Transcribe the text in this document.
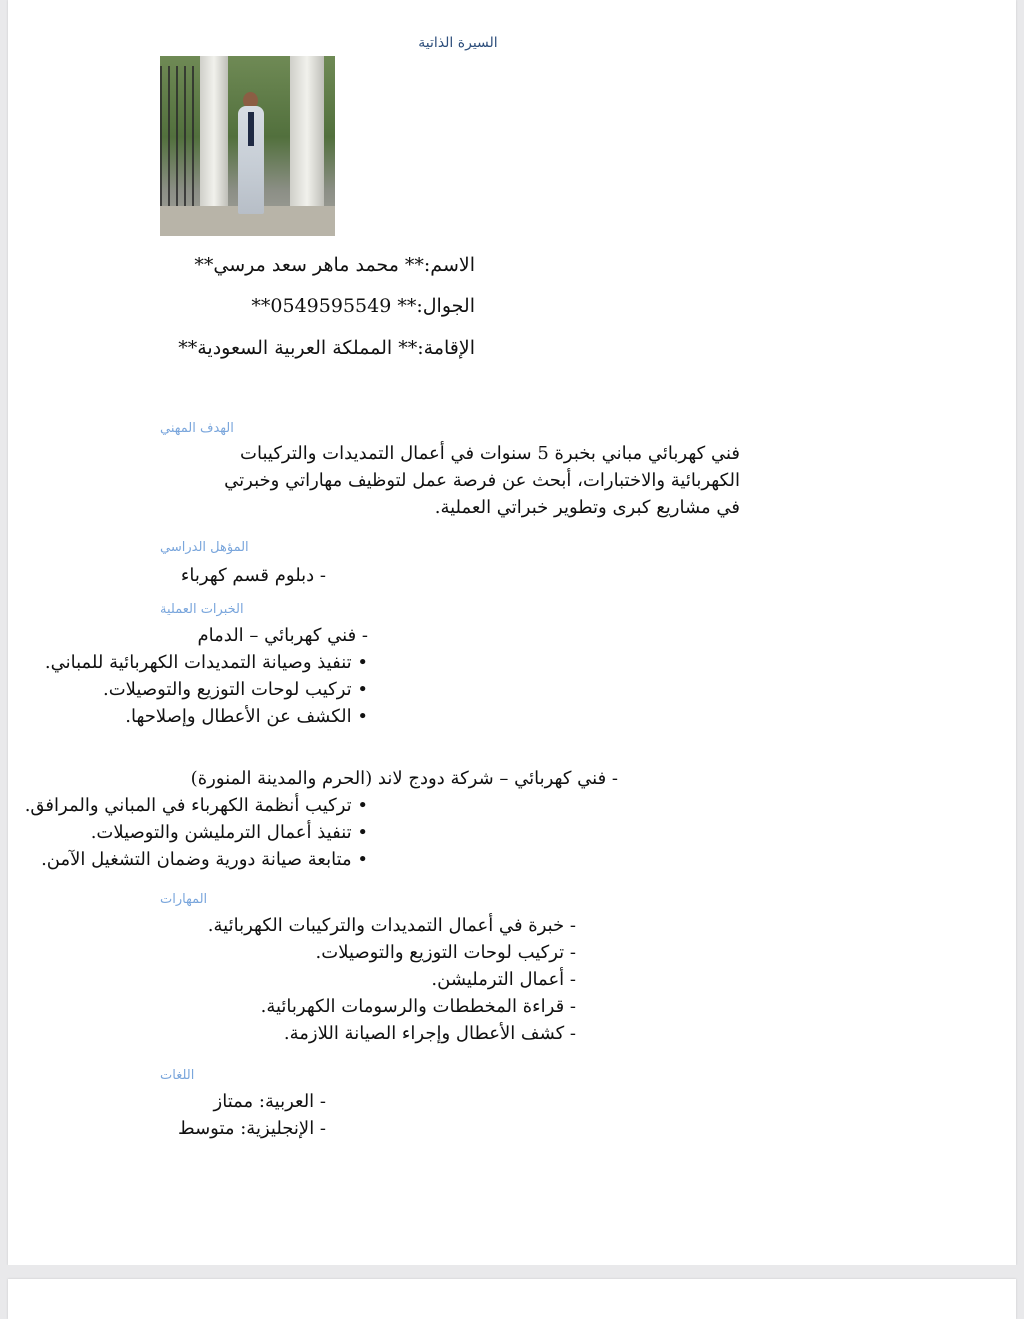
السيرة الذاتية
الاسم:** محمد ماهر سعد مرسي**
الجوال:** 0549595549**
الإقامة:** المملكة العربية السعودية**
الهدف المهني
فني كهربائي مباني بخبرة 5 سنوات في أعمال التمديدات والتركيبات
الكهربائية والاختبارات، أبحث عن فرصة عمل لتوظيف مهاراتي وخبرتي
في مشاريع كبرى وتطوير خبراتي العملية.
المؤهل الدراسي
- دبلوم قسم كهرباء
الخبرات العملية
- فني كهربائي – الدمام
• تنفيذ وصيانة التمديدات الكهربائية للمباني.
• تركيب لوحات التوزيع والتوصيلات.
• الكشف عن الأعطال وإصلاحها.
- فني كهربائي – شركة دودج لاند (الحرم والمدينة المنورة)
• تركيب أنظمة الكهرباء في المباني والمرافق.
• تنفيذ أعمال الترمليشن والتوصيلات.
• متابعة صيانة دورية وضمان التشغيل الآمن.
المهارات
- خبرة في أعمال التمديدات والتركيبات الكهربائية.
- تركيب لوحات التوزيع والتوصيلات.
- أعمال الترمليشن.
- قراءة المخططات والرسومات الكهربائية.
- كشف الأعطال وإجراء الصيانة اللازمة.
اللغات
- العربية: ممتاز
- الإنجليزية: متوسط
